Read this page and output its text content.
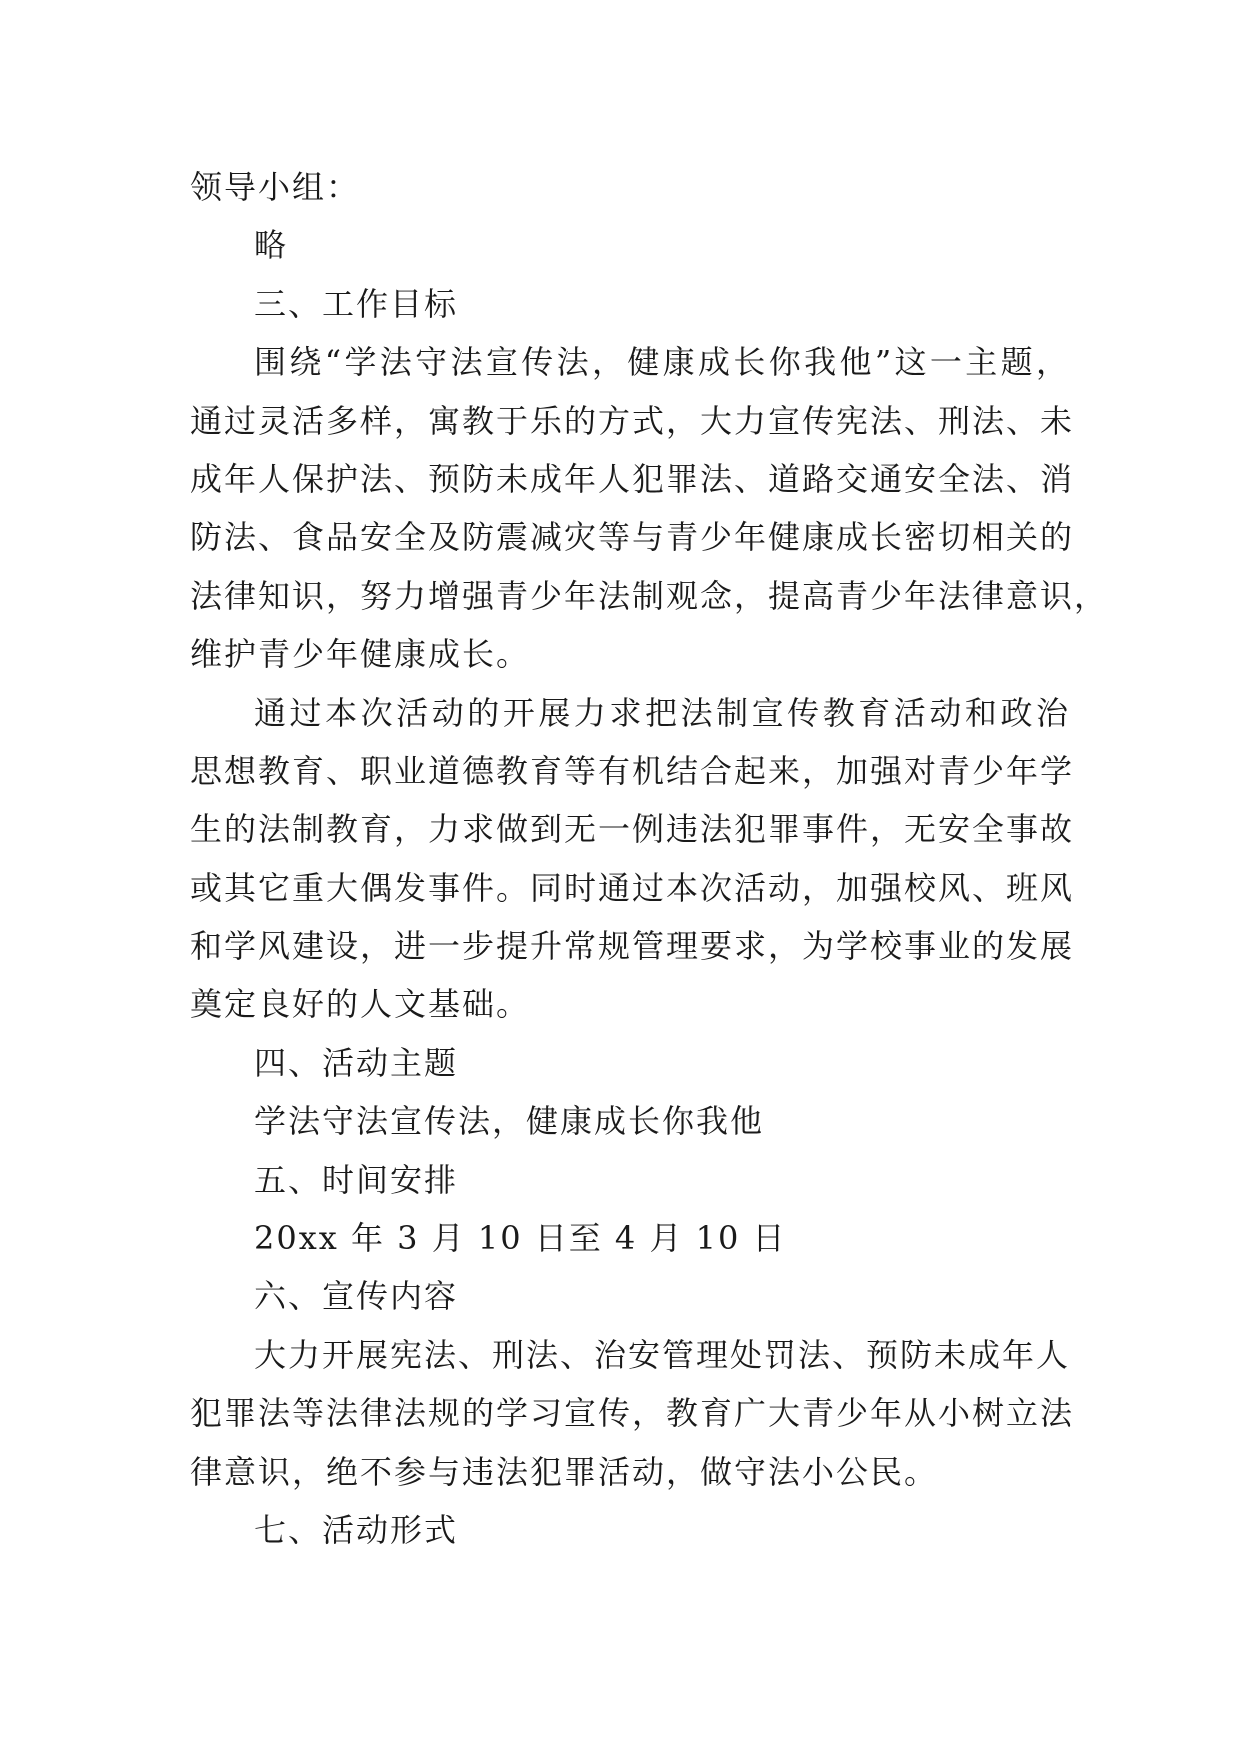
领导小组：
略
三、工作目标
围绕“学法守法宣传法，健康成长你我他”这一主题，
通过灵活多样，寓教于乐的方式，大力宣传宪法、刑法、未
成年人保护法、预防未成年人犯罪法、道路交通安全法、消
防法、食品安全及防震减灾等与青少年健康成长密切相关的
法律知识，努力增强青少年法制观念，提高青少年法律意识，
维护青少年健康成长。
通过本次活动的开展力求把法制宣传教育活动和政治
思想教育、职业道德教育等有机结合起来，加强对青少年学
生的法制教育，力求做到无一例违法犯罪事件，无安全事故
或其它重大偶发事件。同时通过本次活动，加强校风、班风
和学风建设，进一步提升常规管理要求，为学校事业的发展
奠定良好的人文基础。
四、活动主题
学法守法宣传法，健康成长你我他
五、时间安排
20xx 年 3 月 10 日至 4 月 10 日
六、宣传内容
大力开展宪法、刑法、治安管理处罚法、预防未成年人
犯罪法等法律法规的学习宣传，教育广大青少年从小树立法
律意识，绝不参与违法犯罪活动，做守法小公民。
七、活动形式
